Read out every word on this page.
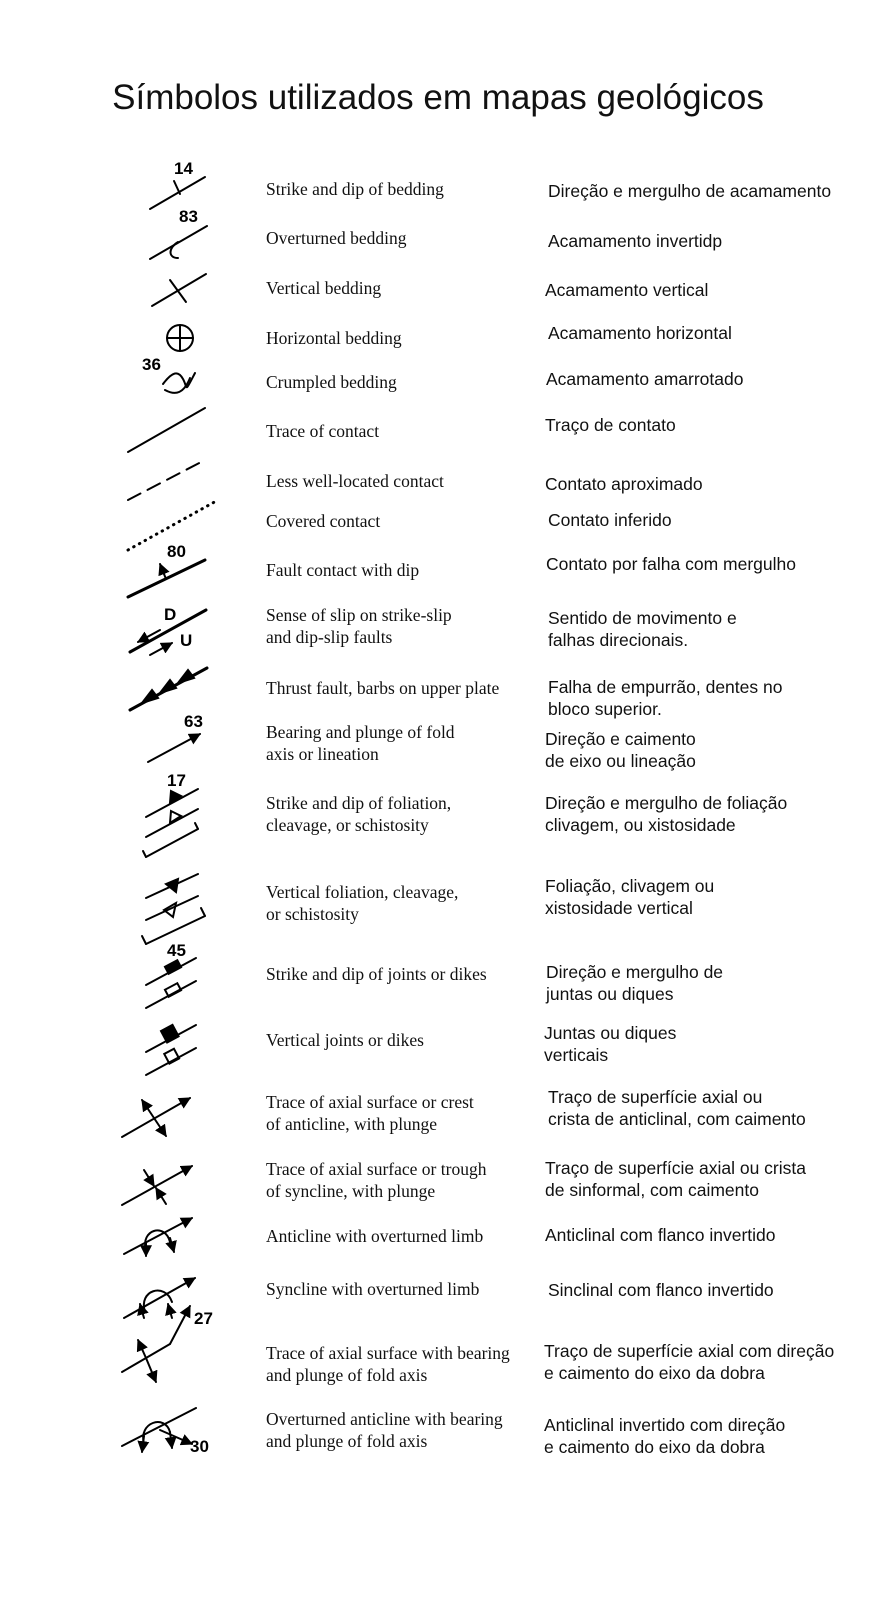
Símbolos utilizados em mapas geológicos
Strike and dip of bedding
Overturned bedding
Vertical bedding
Horizontal bedding
Crumpled bedding
Trace of contact
Less well-located contact
Covered contact
Fault contact with dip
Sense of slip on strike-slip
and dip-slip faults
Thrust fault, barbs on upper plate
Bearing and plunge of fold
axis or lineation
Strike and dip of foliation,
cleavage, or schistosity
Vertical foliation, cleavage,
or schistosity
Strike and dip of joints or dikes
Vertical joints or dikes
Trace of axial surface or crest
of anticline, with plunge
Trace of axial surface or trough
of syncline, with plunge
Anticline with overturned limb
Syncline with overturned limb
Trace of axial surface with bearing
and plunge of fold axis
Overturned anticline with bearing
and plunge of fold axis
Direção e mergulho de acamamento
Acamamento invertidp
Acamamento vertical
Acamamento horizontal
Acamamento amarrotado
Traço de contato
Contato aproximado
Contato inferido
Contato por falha com mergulho
Sentido de movimento e
falhas direcionais.
Falha de empurrão, dentes no
bloco superior.
Direção e caimento
de eixo ou lineação
Direção e mergulho de foliação
clivagem, ou xistosidade
Foliação, clivagem ou
xistosidade vertical
Direção e mergulho de
juntas ou diques
Juntas ou diques
verticais
Traço de superfície axial ou
crista de anticlinal, com caimento
Traço de superfície axial ou crista
de sinformal, com caimento
Anticlinal com flanco invertido
Sinclinal com flanco invertido
Traço de superfície axial com direção
e caimento do eixo da dobra
Anticlinal invertido com direção
e caimento do eixo da dobra
14
83
36
80
D
U
63
17
45
27
30
